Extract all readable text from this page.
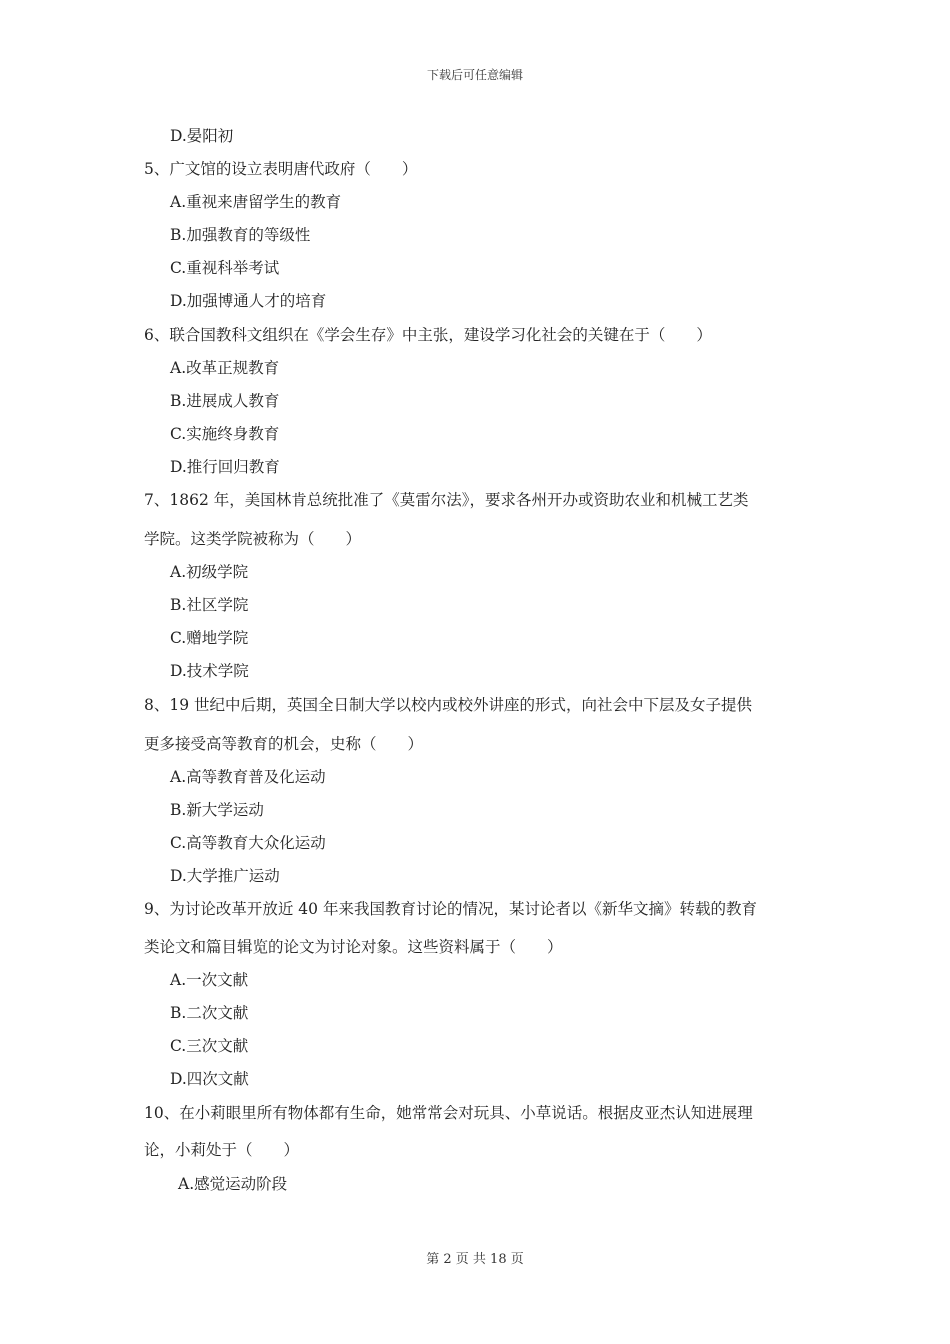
下载后可任意编辑
D.晏阳初
5、广文馆的设立表明唐代政府（　　）
A.重视来唐留学生的教育
B.加强教育的等级性
C.重视科举考试
D.加强博通人才的培育
6、联合国教科文组织在《学会生存》中主张，建设学习化社会的关键在于（　　）
A.改革正规教育
B.进展成人教育
C.实施终身教育
D.推行回归教育
7、1862 年，美国林肯总统批准了《莫雷尔法》，要求各州开办或资助农业和机械工艺类
学院。这类学院被称为（　　）
A.初级学院
B.社区学院
C.赠地学院
D.技术学院
8、19 世纪中后期，英国全日制大学以校内或校外讲座的形式，向社会中下层及女子提供
更多接受高等教育的机会，史称（　　）
A.高等教育普及化运动
B.新大学运动
C.高等教育大众化运动
D.大学推广运动
9、为讨论改革开放近 40 年来我国教育讨论的情况，某讨论者以《新华文摘》转载的教育
类论文和篇目辑览的论文为讨论对象。这些资料属于（　　）
A.一次文献
B.二次文献
C.三次文献
D.四次文献
10、在小莉眼里所有物体都有生命，她常常会对玩具、小草说话。根据皮亚杰认知进展理
论，小莉处于（　　）
A.感觉运动阶段
第 2 页 共 18 页
